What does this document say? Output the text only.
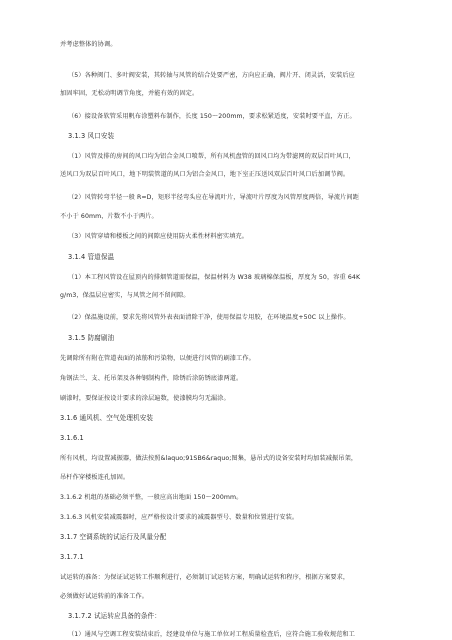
并考虑整体的协调。
（5）各种阀门、多叶阀安装，其转轴与风管的结合处要严密，方向应正确，阀片开、闭灵活，安装后应
加固牢固，无松动明调节角度，并能有效的固定。
（6）接设备软管采用帆布涂塑料布制作，长度 150～200mm，要求松紧适度，安装时要平直，方正。
3.1.3 风口安装
（1）风管及排的房间的风口均为铝合金风口喷帮，所有风机盘管的回风口均为带滤网的双层百叶风口，
送风口为双层百叶风口，地下明装管道的风口为铝合金风口，地下室正压送风双层百叶风口后加调节阀。
（2）风管转弯半径一般 R=D，矩形半径弯头应在导流叶片，导流叶片厚度为风管厚度两倍，导流片间距
不小于 60mm，片数不小于两片。
（3）风管穿墙和楼板之间的间隙应使用防火柔性材料密实填充。
3.1.4 管道保温
（1）本工程风管设在屋顶内的排烟管道需保温，保温材料为 W38 玻璃棉保温板，厚度为 50，容重 64K
g/m3，保温层应密实，与风管之间不留间隙。
（2）保温施设前，要求先将风管外表表面清除干净，使用保温专用胶，在环境温度+50C 以上操作。
3.1.5 防腐刷油
先调除所有附在管道表面的浓筋和污染物，以便进行风管的刷漆工作。
角钢法兰、支、托吊架及各种钢制构件，除锈后涂防锈底漆两道。
刷漆时，要保证按设计要求的涂层遍数，使漆膜均匀无漏涂。
3.1.6 通风机、空气处理机安装
3.1.6.1
所有风机，均设置减振器，做法按照&laquo;91SB6&raquo;图集，悬吊式的设备安装时均加装减振吊架，
吊杆作穿楼板连孔加固。
3.1.6.2 机组的基础必须平整，一般应高出地面 150～200mm。
3.1.6.3 风机安装减震器时，应严格按设计要求的减震器型号、数量和位置进行安装。
3.1.7 空调系统的试运行及风量分配
3.1.7.1
试运转的准备：为保证试运转工作顺利进行，必须制订试运转方案，明确试运转和程序，根据方案要求，
必须做好试运转前的准备工作。
3.1.7.2 试运转应具备的条件：
（1）通风与空调工程安装结束后，经建设单位与施工单位对工程质量检查后，应符合施工验收规范和工
